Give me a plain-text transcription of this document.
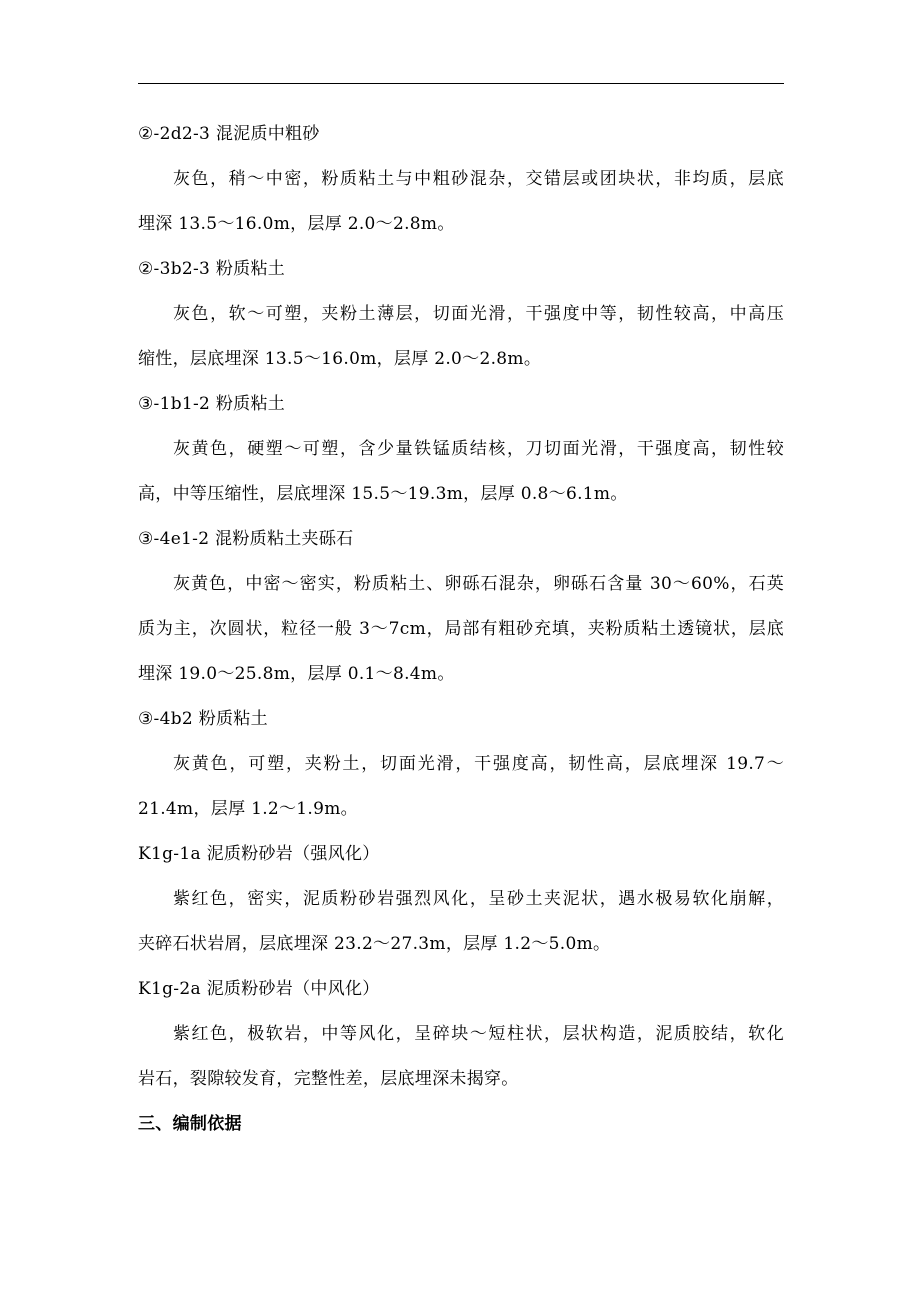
②-2d2-3 混泥质中粗砂
灰色，稍～中密，粉质粘土与中粗砂混杂，交错层或团块状，非均质，层底
埋深 13.5～16.0m，层厚 2.0～2.8m。
②-3b2-3 粉质粘土
灰色，软～可塑，夹粉土薄层，切面光滑，干强度中等，韧性较高，中高压
缩性，层底埋深 13.5～16.0m，层厚 2.0～2.8m。
③-1b1-2 粉质粘土
灰黄色，硬塑～可塑，含少量铁锰质结核，刀切面光滑，干强度高，韧性较
高，中等压缩性，层底埋深 15.5～19.3m，层厚 0.8～6.1m。
③-4e1-2 混粉质粘土夹砾石
灰黄色，中密～密实，粉质粘土、卵砾石混杂，卵砾石含量 30～60%，石英
质为主，次圆状，粒径一般 3～7cm，局部有粗砂充填，夹粉质粘土透镜状，层底
埋深 19.0～25.8m，层厚 0.1～8.4m。
③-4b2 粉质粘土
灰黄色，可塑，夹粉土，切面光滑，干强度高，韧性高，层底埋深 19.7～
21.4m，层厚 1.2～1.9m。
K1g-1a 泥质粉砂岩（强风化）
紫红色，密实，泥质粉砂岩强烈风化，呈砂土夹泥状，遇水极易软化崩解，
夹碎石状岩屑，层底埋深 23.2～27.3m，层厚 1.2～5.0m。
K1g-2a 泥质粉砂岩（中风化）
紫红色，极软岩，中等风化，呈碎块～短柱状，层状构造，泥质胶结，软化
岩石，裂隙较发育，完整性差，层底埋深未揭穿。
三、编制依据
